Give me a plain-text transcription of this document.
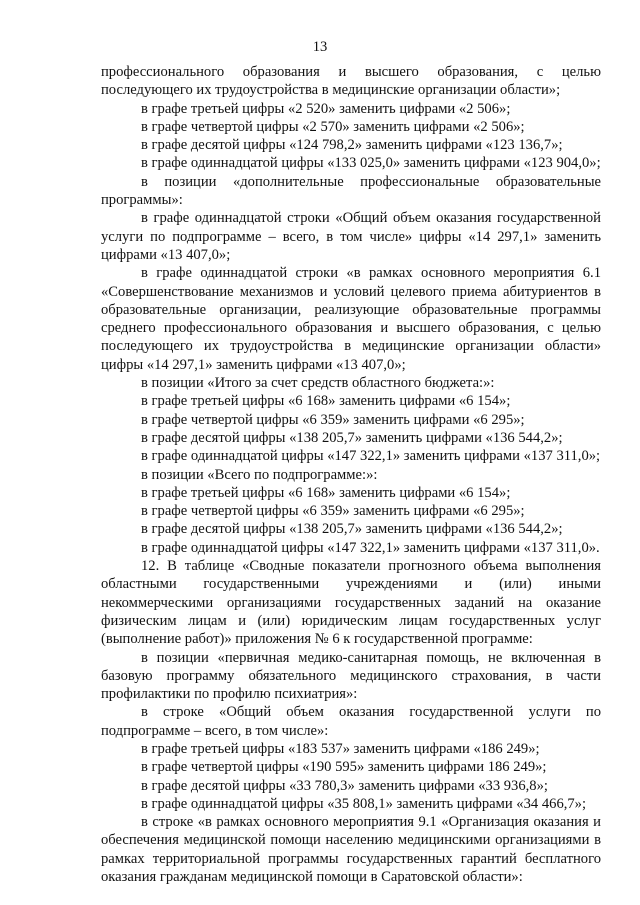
13

профессионального образования и высшего образования, с целью последующего их трудоустройства в медицинские организации области»;

в графе третьей цифры «2 520» заменить цифрами «2 506»;

в графе четвертой цифры «2 570» заменить цифрами «2 506»;

в графе десятой цифры «124 798,2» заменить цифрами «123 136,7»;

в графе одиннадцатой цифры «133 025,0» заменить цифрами «123 904,0»;

в позиции «дополнительные профессиональные образовательные программы»:

в графе одиннадцатой строки «Общий объем оказания государственной услуги по подпрограмме – всего, в том числе» цифры «14 297,1» заменить цифрами «13 407,0»;

в графе одиннадцатой строки «в рамках основного мероприятия 6.1 «Совершенствование механизмов и условий целевого приема абитуриентов в образовательные организации, реализующие образовательные программы среднего профессионального образования и высшего образования, с целью последующего их трудоустройства в медицинские организации области» цифры «14 297,1» заменить цифрами «13 407,0»;

в позиции «Итого за счет средств областного бюджета:»:

в графе третьей цифры «6 168» заменить цифрами «6 154»;

в графе четвертой цифры «6 359» заменить цифрами «6 295»;

в графе десятой цифры «138 205,7» заменить цифрами «136 544,2»;

в графе одиннадцатой цифры «147 322,1» заменить цифрами «137 311,0»;

в позиции «Всего по подпрограмме:»:

в графе третьей цифры «6 168» заменить цифрами «6 154»;

в графе четвертой цифры «6 359» заменить цифрами «6 295»;

в графе десятой цифры «138 205,7» заменить цифрами «136 544,2»;

в графе одиннадцатой цифры «147 322,1» заменить цифрами «137 311,0».

12. В таблице «Сводные показатели прогнозного объема выполнения областными государственными учреждениями и (или) иными некоммерческими организациями государственных заданий на оказание физическим лицам и (или) юридическим лицам государственных услуг (выполнение работ)» приложения № 6 к государственной программе:

в позиции «первичная медико-санитарная помощь, не включенная в базовую программу обязательного медицинского страхования, в части профилактики по профилю психиатрия»:

в строке «Общий объем оказания государственной услуги по подпрограмме – всего, в том числе»:

в графе третьей цифры «183 537» заменить цифрами «186 249»;

в графе четвертой цифры «190 595» заменить цифрами 186 249»;

в графе десятой цифры «33 780,3» заменить цифрами «33 936,8»;

в графе одиннадцатой цифры «35 808,1» заменить цифрами «34 466,7»;

в строке «в рамках основного мероприятия 9.1 «Организация оказания и обеспечения медицинской помощи населению медицинскими организациями в рамках территориальной программы государственных гарантий бесплатного оказания гражданам медицинской помощи в Саратовской области»:
